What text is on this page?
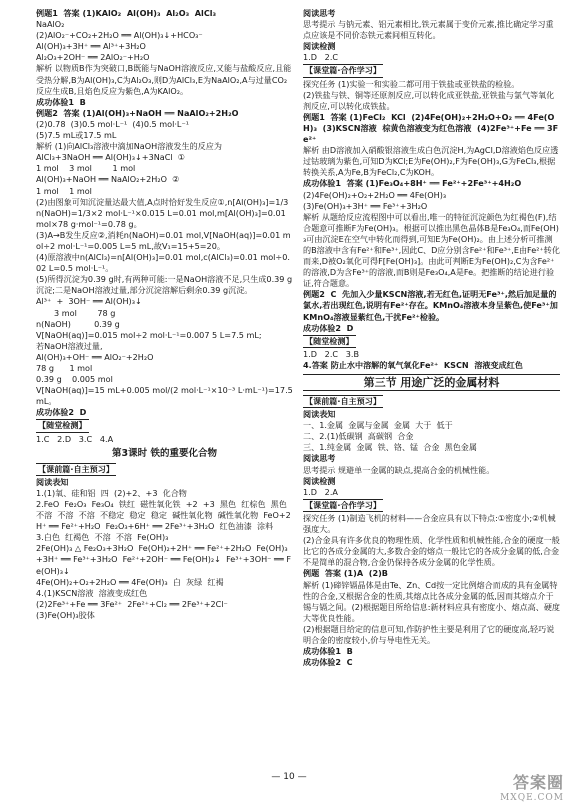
例题1  答案 (1)KAlO₂  Al(OH)₃  Al₂O₃  AlCl₃
NaAlO₂
(2)AlO₂⁻+CO₂+2H₂O ══ Al(OH)₃↓+HCO₃⁻
Al(OH)₃+3H⁺ ══ Al³⁺+3H₂O
Al₂O₃+2OH⁻ ══ 2AlO₂⁻+H₂O
解析 以物质B作为突破口,B既能与NaOH溶液反应,又能与盐酸反应,且能受热分解,B为Al(OH)₃,C为Al₂O₃,则D为AlCl₃,E为NaAlO₂,A与过量CO₂反应生成B,且焰色反应为紫色,A为KAlO₂。
成功体验1  B
例题2  答案 (1)Al(OH)₃+NaOH ══ NaAlO₂+2H₂O
(2)0.78  (3)0.5 mol·L⁻¹  (4)0.5 mol·L⁻¹
(5)7.5 mL或17.5 mL
解析 (1)向AlCl₃溶液中滴加NaOH溶液发生的反应为
AlCl₃+3NaOH ══ Al(OH)₃↓+3NaCl  ①
1 mol    3 mol        1 mol
Al(OH)₃+NaOH ══ NaAlO₂+2H₂O  ②
1 mol    1 mol
(2)由图象可知沉淀量达最大值,A点时恰好发生反应①,n[Al(OH)₃]=1/3 n(NaOH)=1/3×2 mol·L⁻¹×0.015 L=0.01 mol,m[Al(OH)₃]=0.01 mol×78 g·mol⁻¹=0.78 g。
(3)A→B发生反应②,消耗n(NaOH)=0.01 mol,V[NaOH(aq)]=0.01 mol÷2 mol·L⁻¹=0.005 L=5 mL,故V₁=15+5=20。
(4)原溶液中n(AlCl₃)=n[Al(OH)₃]=0.01 mol,c(AlCl₃)=0.01 mol÷0.02 L=0.5 mol·L⁻¹。
(5)所得沉淀为0.39 g时,有两种可能:一是NaOH溶液不足,只生成0.39 g沉淀;二是NaOH溶液过量,部分沉淀溶解后剩余0.39 g沉淀。
Al³⁺  +  3OH⁻ ══ Al(OH)₃↓
3 mol        78 g
n(NaOH)         0.39 g
V[NaOH(aq)]=0.015 mol÷2 mol·L⁻¹=0.007 5 L=7.5 mL;
若NaOH溶液过量,
Al(OH)₃+OH⁻ ══ AlO₂⁻+2H₂O
78 g      1 mol
0.39 g    0.005 mol
V[NaOH(aq)]=15 mL+0.005 mol/(2 mol·L⁻¹×10⁻³ L·mL⁻¹)=17.5 mL。
成功体验2  D
【随堂检测】
1.C   2.D   3.C   4.A
第3课时 铁的重要化合物
【课前篇·自主预习】
阅读表知
1.(1)氧、硅和铝  四  (2)+2、+3  化合物
2.FeO  Fe₂O₃  Fe₃O₄  铁红  磁性氧化铁  +2  +3  黑色  红棕色  黑色  不溶  不溶  不溶  不稳定  稳定  稳定  碱性氧化物  碱性氧化物  FeO+2H⁺ ══ Fe²⁺+H₂O  Fe₂O₃+6H⁺ ══ 2Fe³⁺+3H₂O  红色油漆  涂料
3.白色  红褐色  不溶  不溶  Fe(OH)₃
2Fe(OH)₃ △ Fe₂O₃+3H₂O  Fe(OH)₂+2H⁺ ══ Fe²⁺+2H₂O  Fe(OH)₃+3H⁺ ══ Fe³⁺+3H₂O  Fe²⁺+2OH⁻ ══ Fe(OH)₂↓  Fe³⁺+3OH⁻ ══ Fe(OH)₃↓
4Fe(OH)₂+O₂+2H₂O ══ 4Fe(OH)₃  白  灰绿  红褐
4.(1)KSCN溶液  溶液变成红色
(2)2Fe³⁺+Fe ══ 3Fe²⁺  2Fe²⁺+Cl₂ ══ 2Fe³⁺+2Cl⁻
(3)Fe(OH)₃胶体
阅读思考
思考提示 与钠元素、铝元素相比,铁元素属于变价元素,推比确定学习重点应该是不同价态铁元素间相互转化。
阅读检测
1.D   2.C
【课堂篇·合作学习】
探究任务 (1)实验一和实验二都可用于铁盐或亚铁盐的检验。
(2)铁盐与铁、铜等还原剂反应,可以转化成亚铁盐,亚铁盐与氯气等氧化剂反应,可以转化成铁盐。
例题1  答案 (1)FeCl₂  KCl  (2)4Fe(OH)₂+2H₂O+O₂ ══ 4Fe(OH)₃  (3)KSCN溶液  棕黄色溶液变为红色溶液  (4)2Fe³⁺+Fe ══ 3Fe²⁺
解析 由D溶液加入硝酸银溶液生成白色沉淀H,为AgCl,D溶液焰色反应透过钴玻璃为紫色,可知D为KCl;E为Fe(OH)₂,F为Fe(OH)₃,G为FeCl₃,根据转换关系,A为Fe,B为FeCl₂,C为KOH。
成功体验1  答案 (1)Fe₃O₄+8H⁺ ══ Fe²⁺+2Fe³⁺+4H₂O
(2)4Fe(OH)₂+O₂+2H₂O ══ 4Fe(OH)₃
(3)Fe(OH)₃+3H⁺ ══ Fe³⁺+3H₂O
解析 从题给反应流程图中可以看出,唯一的特征沉淀颜色为红褐色(F),结合题意可推断F为Fe(OH)₃。根据可以推出黑色晶体B是Fe₃O₄,而Fe(OH)₃可由沉淀E在空气中转化而得到,可知E为Fe(OH)₂。由上述分析可推测的B溶液中含有Fe²⁺和Fe³⁺,因此C、D应分别含Fe²⁺和Fe³⁺,E由Fe²⁺转化而来,D被O₂氧化可得F[Fe(OH)₃]。由此可判断E为Fe(OH)₂,C为含Fe²⁺的溶液,D为含Fe³⁺的溶液,而B则是Fe₃O₄,A是Fe。把推断的结论进行验证,符合题意。
例题2  C  先加入少量KSCN溶液,若无红色,证明无Fe³⁺,然后加足量的氯水,若出现红色,说明有Fe²⁺存在。KMnO₄溶液本身呈紫色,使Fe³⁺加KMnO₄溶液显紫红色,干扰Fe²⁺检验。
成功体验2  D
【随堂检测】
1.D   2.C   3.B
4.答案 防止水中溶解的氧气氧化Fe²⁺  KSCN  溶液变成红色
第三节 用途广泛的金属材料
【课前篇·自主预习】
阅读表知
一、1.金属  金属与金属  金属  大于  低于
二、2.(1)低碳钢  高碳钢  合金
三、1.纯金属  金属  铁、铬、锰  合金  黑色金属
阅读思考
思考提示 规避单一金属的缺点,提高合金的机械性能。
阅读检测
1.D   2.A
【课堂篇·合作学习】
探究任务 (1)制造飞机的材料——合金应具有以下特点:①密度小;②机械强度大。
(2)合金具有许多优良的物理性质、化学性质和机械性能,合金的硬度一般比它的各成分金属的大,多数合金的熔点一般比它的各成分金属的低,合金不是简单的混合物,合金仍保持各成分金属的化学性质。
例题  答案 (1)A  (2)B
解析 (1)碲锌镉晶体是由Te、Zn、Cd按一定比例熔合而成的具有金属特性的合金,又根据合金的性质,其熔点比各成分金属的低,因而其熔点介于锡与镉之间。(2)根据题目所给信息:新材料应具有密度小、熔点高、硬度大等优良性能。
(2)根据题目给定的信息可知,作防护性主要是利用了它的硬度高,轻巧说明合金的密度较小,价与导电性无关。
成功体验1  B
成功体验2  C
— 10 —	答案圈
MXQE.COM
